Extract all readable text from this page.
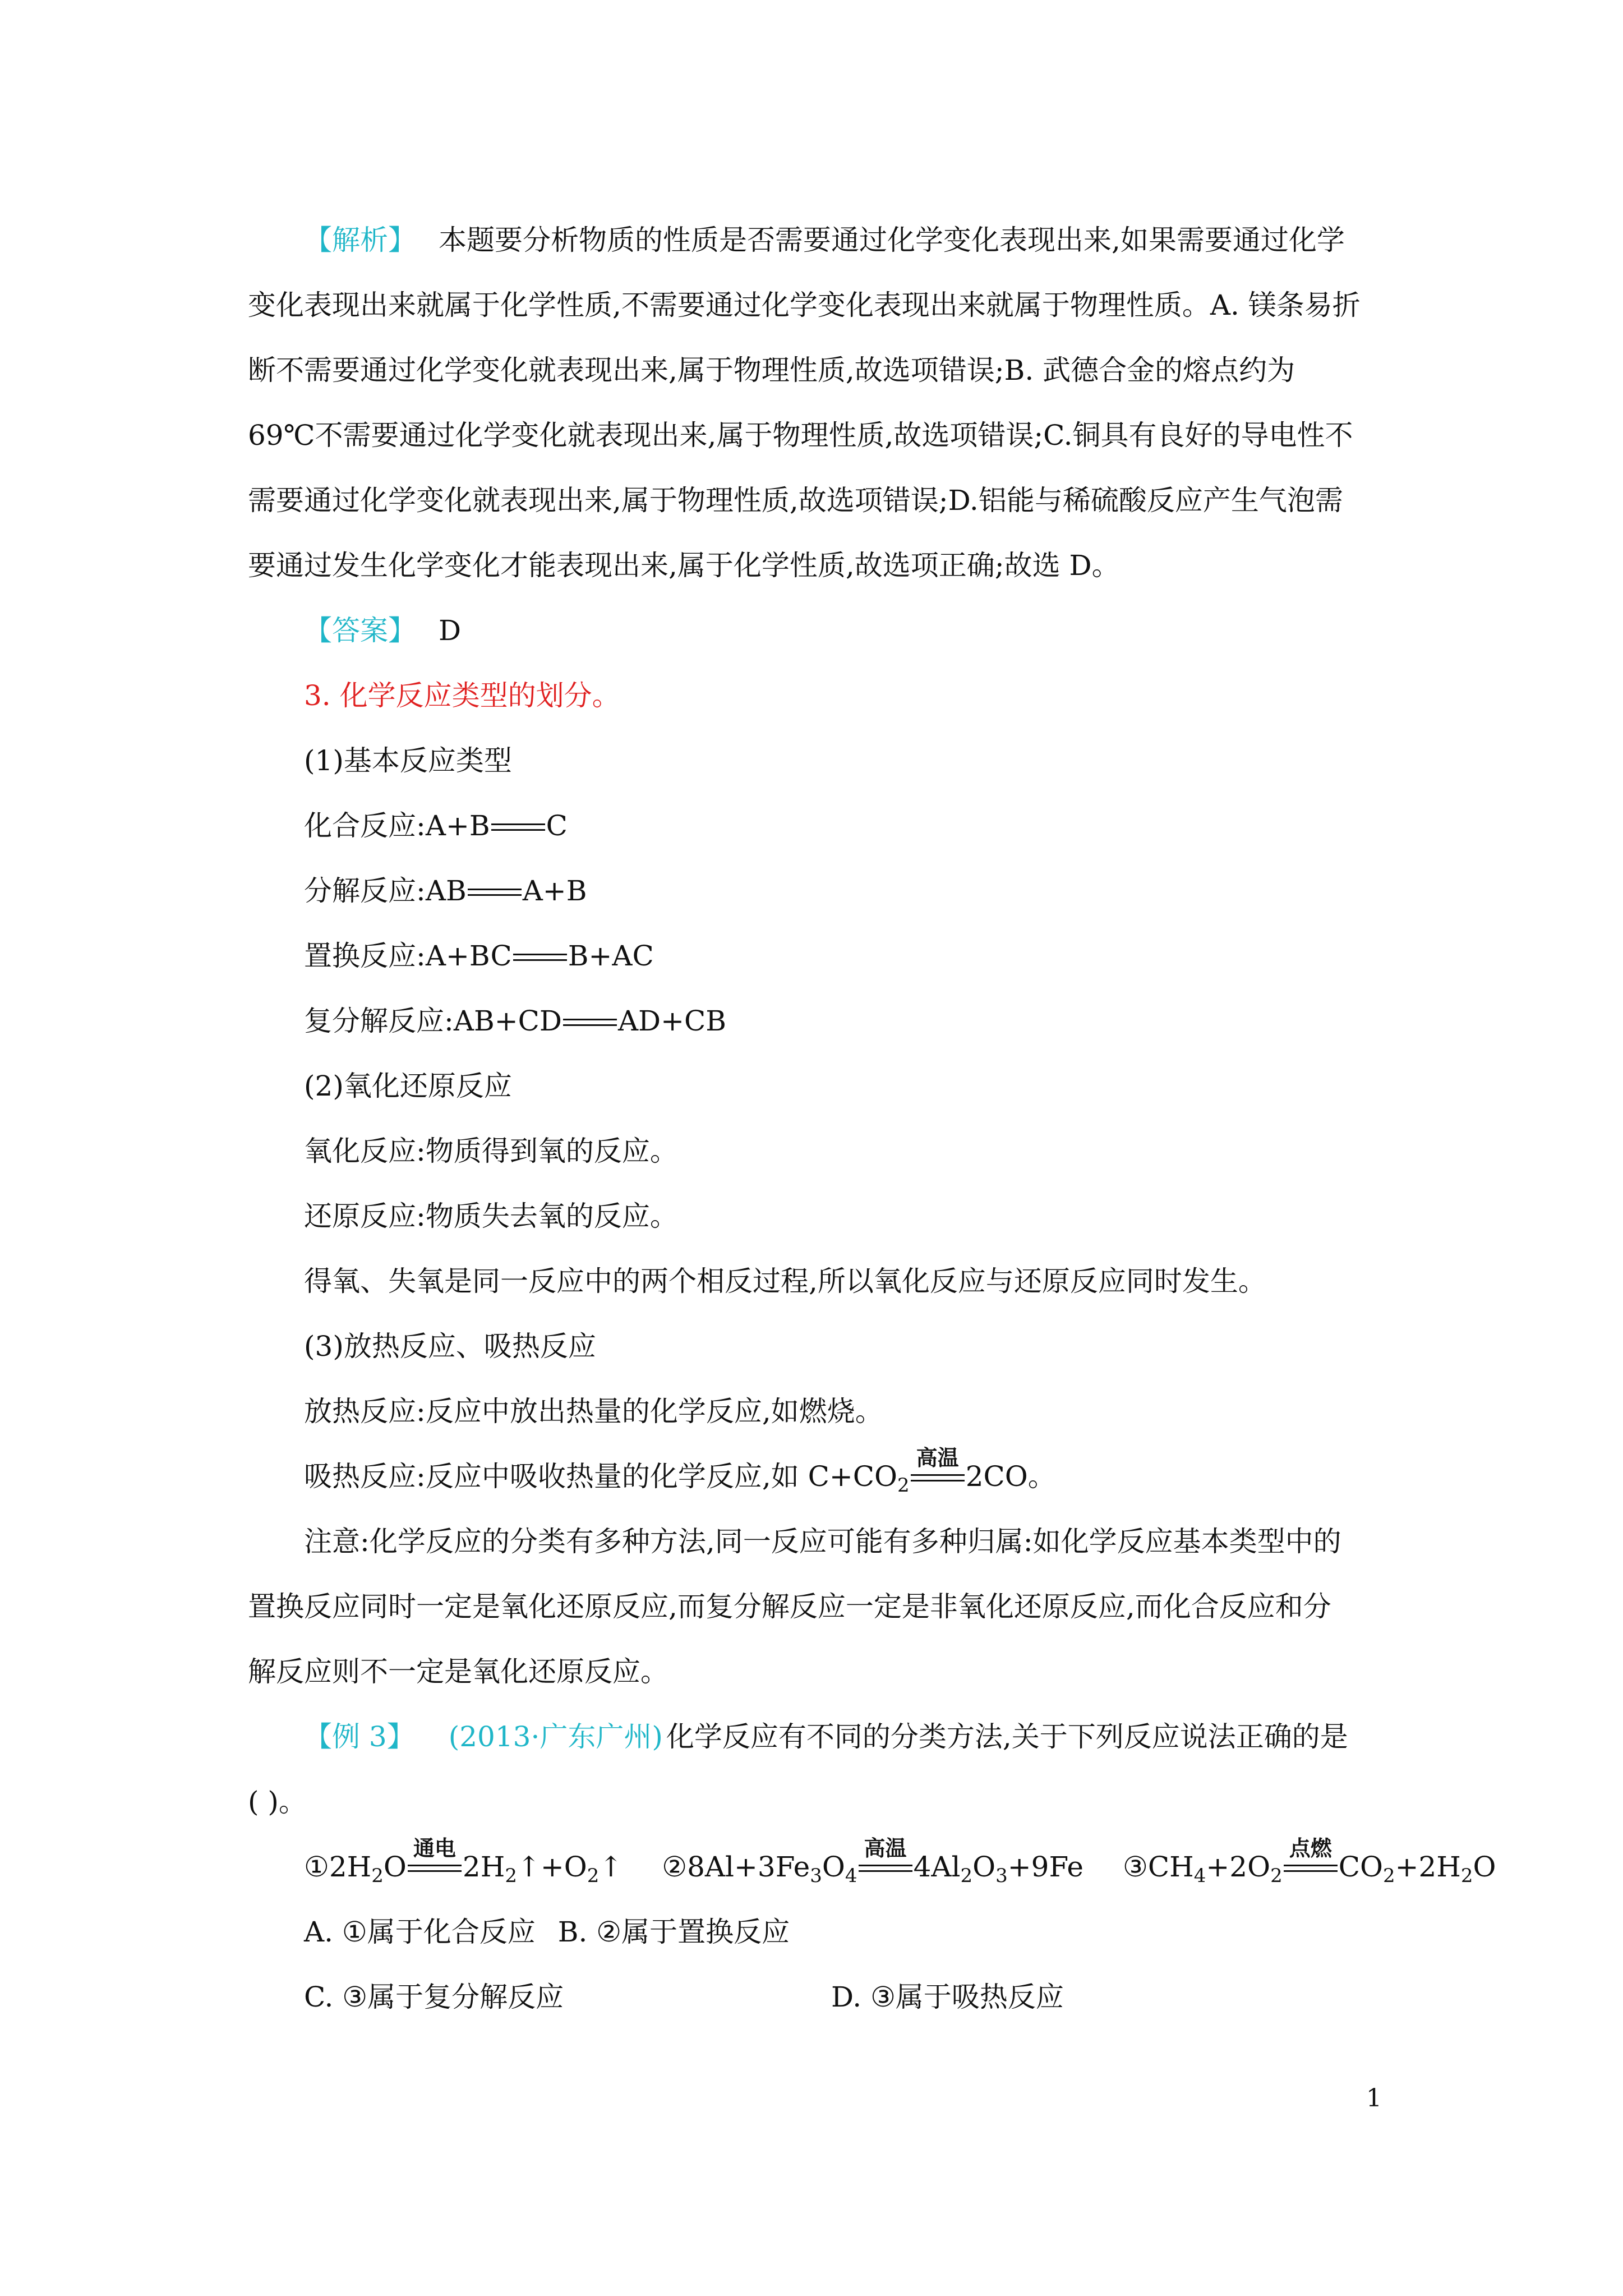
【解析】 本题要分析物质的性质是否需要通过化学变化表现出来,如果需要通过化学
变化表现出来就属于化学性质,不需要通过化学变化表现出来就属于物理性质。A. 镁条易折
断不需要通过化学变化就表现出来,属于物理性质,故选项错误;B. 武德合金的熔点约为
69℃不需要通过化学变化就表现出来,属于物理性质,故选项错误;C.铜具有良好的导电性不
需要通过化学变化就表现出来,属于物理性质,故选项错误;D.铝能与稀硫酸反应产生气泡需
要通过发生化学变化才能表现出来,属于化学性质,故选项正确;故选 D。
【答案】 D
3. 化学反应类型的划分。
(1)基本反应类型
化合反应:A+B C
分解反应:AB A+B
置换反应:A+BC B+AC
复分解反应:AB+CD AD+CB
(2)氧化还原反应
氧化反应:物质得到氧的反应。
还原反应:物质失去氧的反应。
得氧、失氧是同一反应中的两个相反过程,所以氧化反应与还原反应同时发生。
(3)放热反应、吸热反应
放热反应:反应中放出热量的化学反应,如燃烧。
吸热反应:反应中吸收热量的化学反应,如 $C+CO_2$
高温
2CO。
注意:化学反应的分类有多种方法,同一反应可能有多种归属:如化学反应基本类型中的
置换反应同时一定是氧化还原反应,而复分解反应一定是非氧化还原反应,而化合反应和分
解反应则不一定是氧化还原反应。
【例 3】 (2013·广东广州) 化学反应有不同的分类方法,关于下列反应说法正确的是
( )。
$①2H_2O$
通电
$2H_2↑+O_2↑$ $②8Al+3Fe_3O_4$
高温
$4Al_2O_3+9Fe$ $③CH_4+2O_2$
点燃
$CO_2+2H_2O$
A. ①属于化合反应 B. ②属于置换反应
C. ③属于复分解反应	D. ③属于吸热反应
1
